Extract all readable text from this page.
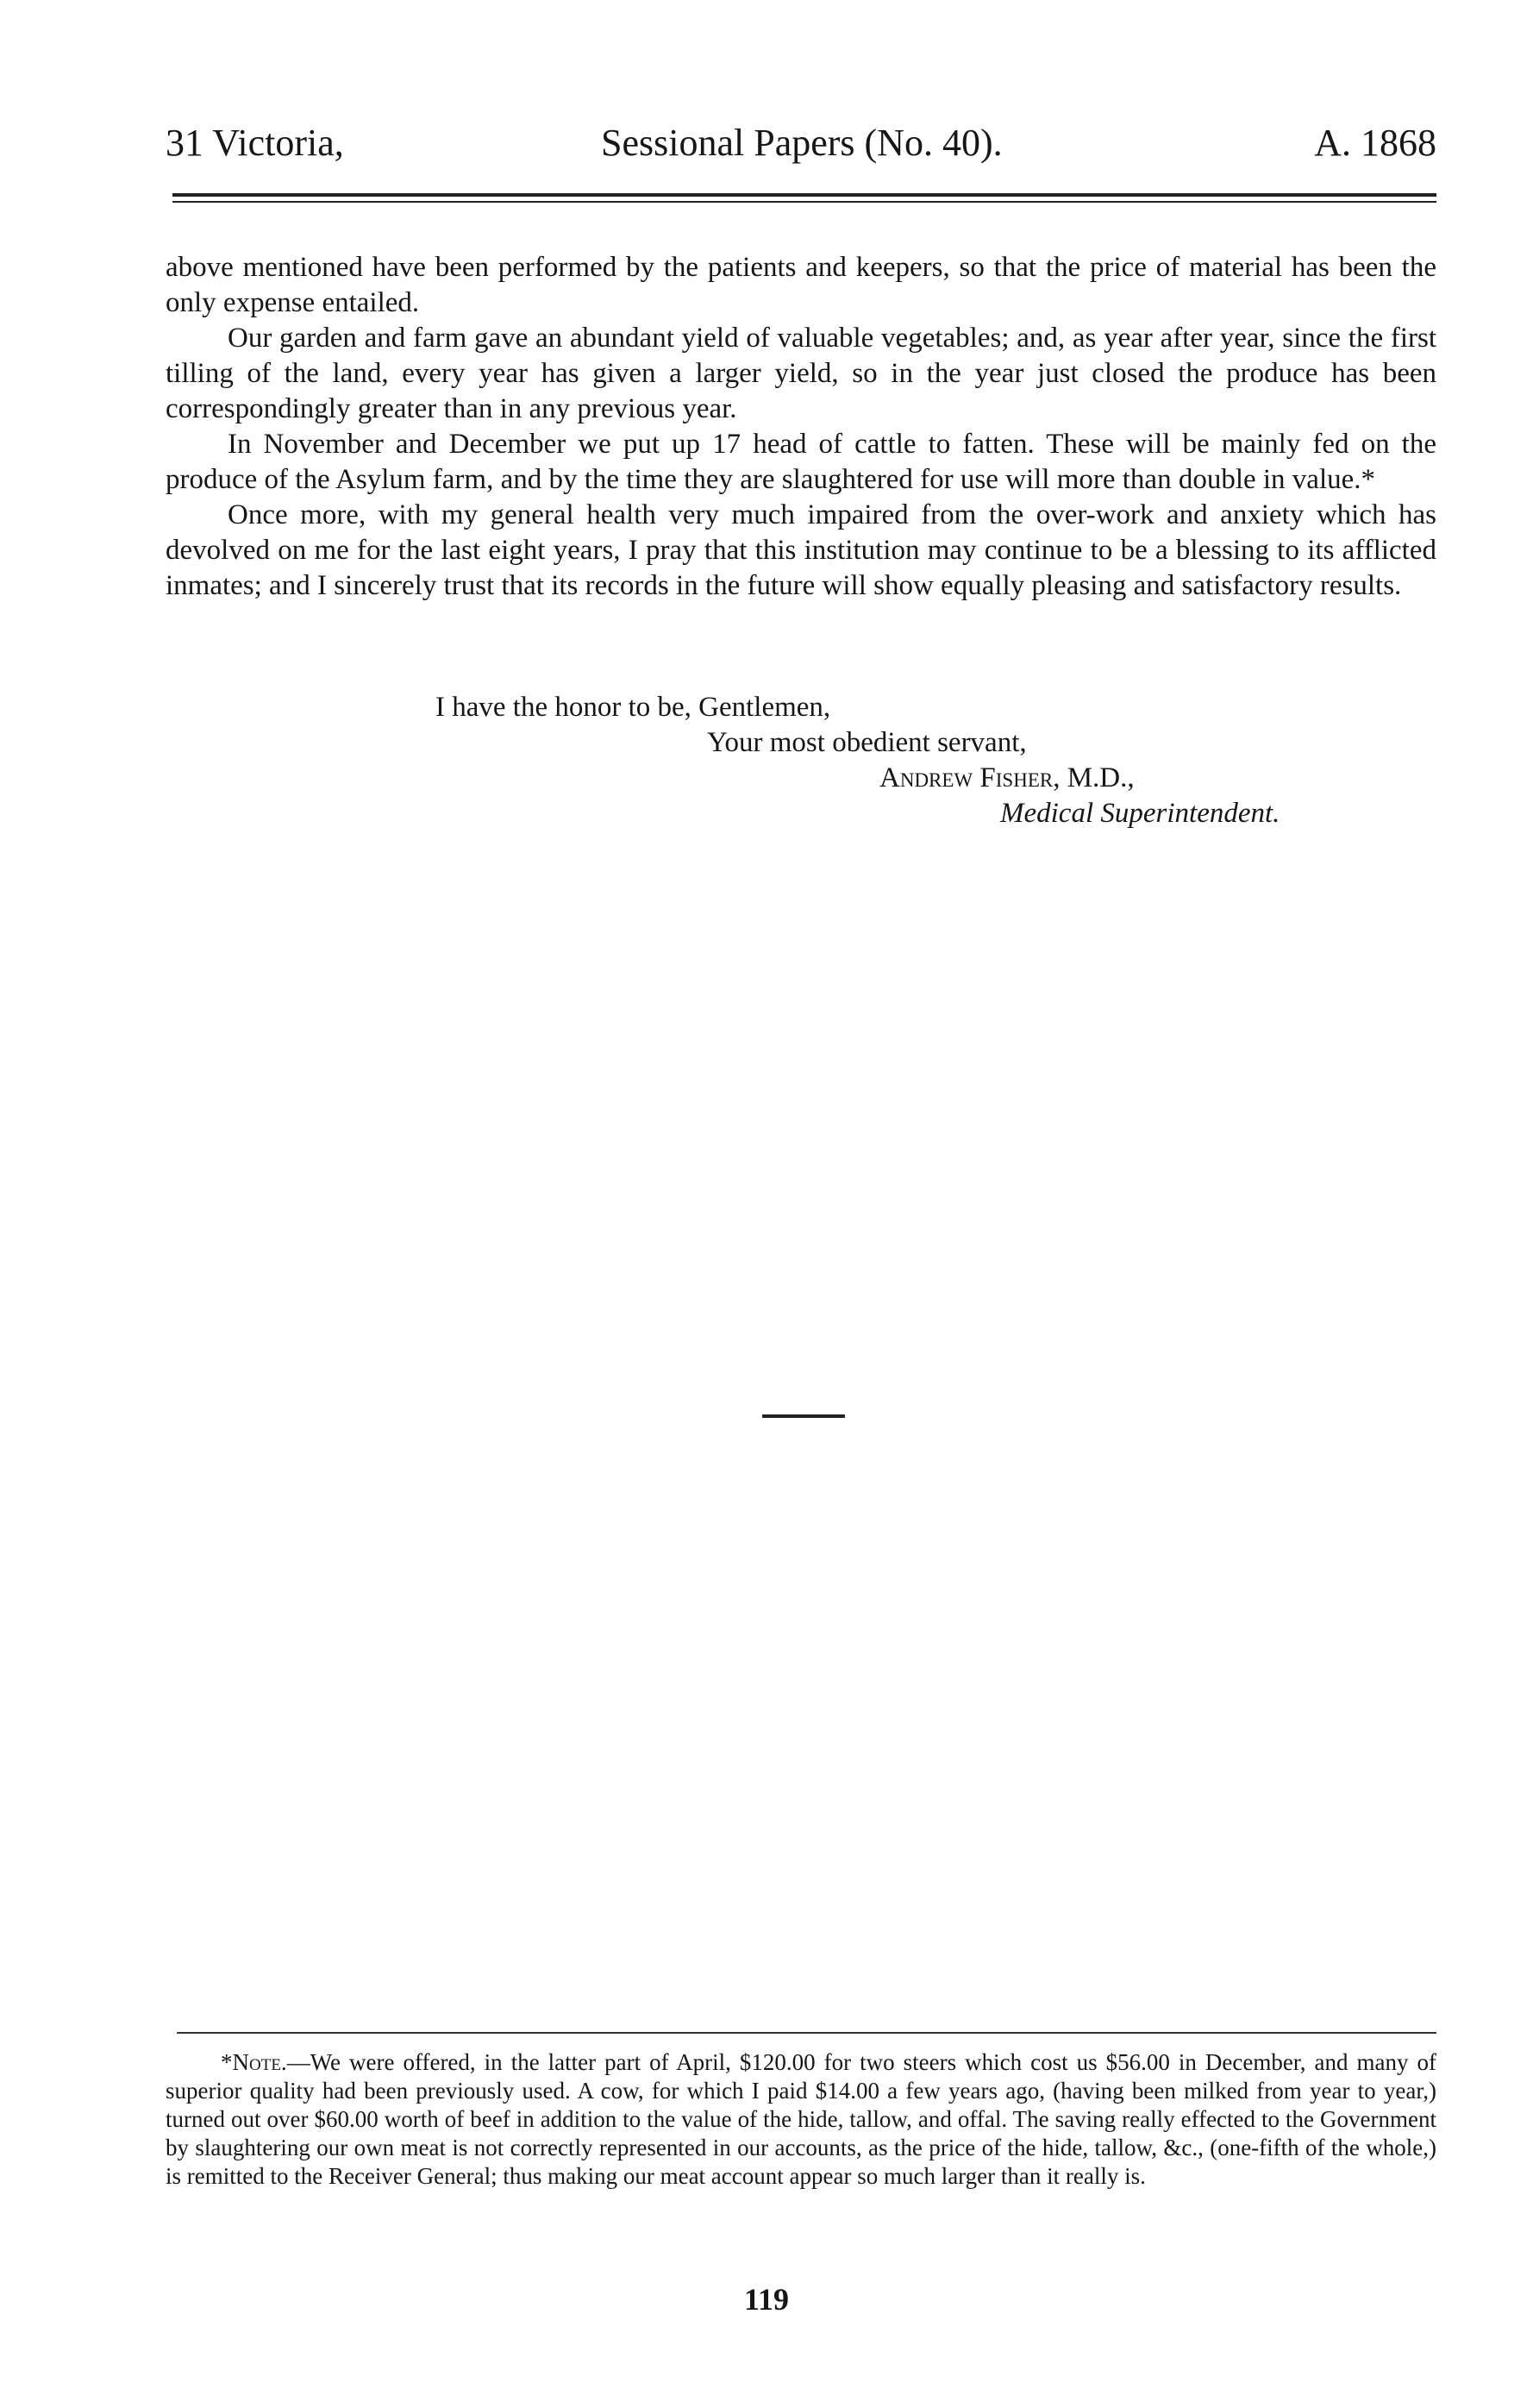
31 Victoria,	Sessional Papers (No. 40).	A. 1868

above mentioned have been performed by the patients and keepers, so that the price of material has been the only expense entailed.

Our garden and farm gave an abundant yield of valuable vegetables; and, as year after year, since the first tilling of the land, every year has given a larger yield, so in the year just closed the produce has been correspondingly greater than in any previous year.

In November and December we put up 17 head of cattle to fatten. These will be mainly fed on the produce of the Asylum farm, and by the time they are slaughtered for use will more than double in value.*

Once more, with my general health very much impaired from the over-work and anxiety which has devolved on me for the last eight years, I pray that this institution may continue to be a blessing to its afflicted inmates; and I sincerely trust that its records in the future will show equally pleasing and satisfactory results.

I have the honor to be, Gentlemen,
Your most obedient servant,
Andrew Fisher, M.D.,
Medical Superintendent.

*Note.—We were offered, in the latter part of April, $120.00 for two steers which cost us $56.00 in December, and many of superior quality had been previously used. A cow, for which I paid $14.00 a few years ago, (having been milked from year to year,) turned out over $60.00 worth of beef in addition to the value of the hide, tallow, and offal. The saving really effected to the Government by slaughtering our own meat is not correctly represented in our accounts, as the price of the hide, tallow, &c., (one-fifth of the whole,) is remitted to the Receiver General; thus making our meat account appear so much larger than it really is.

119
